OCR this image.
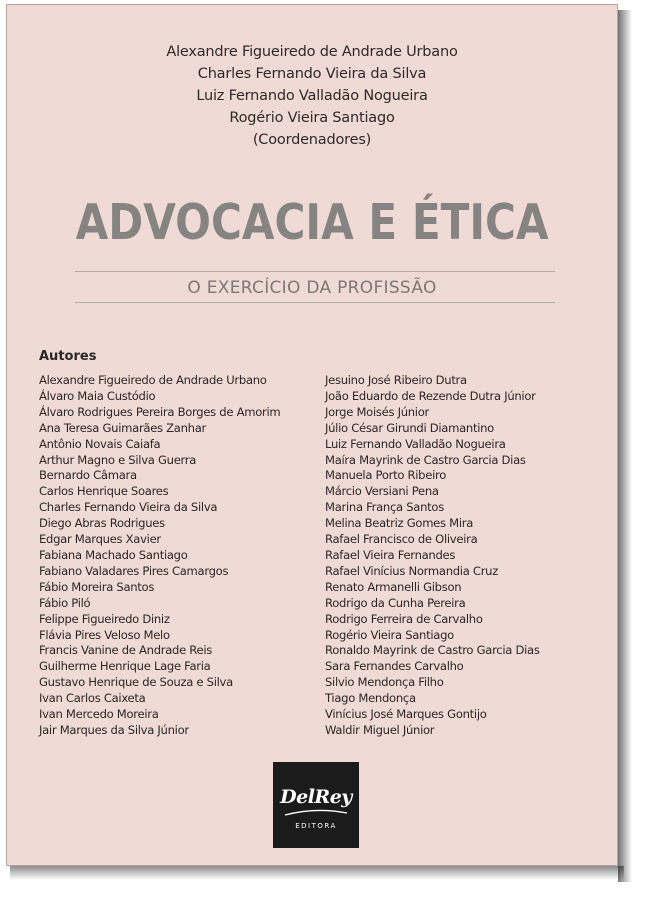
Alexandre Figueiredo de Andrade Urbano
Charles Fernando Vieira da Silva
Luiz Fernando Valladão Nogueira
Rogério Vieira Santiago
(Coordenadores)
ADVOCACIA E ÉTICA
O EXERCÍCIO DA PROFISSÃO
Autores
Alexandre Figueiredo de Andrade Urbano
Álvaro Maia Custódio
Álvaro Rodrigues Pereira Borges de Amorim
Ana Teresa Guimarães Zanhar
Antônio Novais Caiafa
Arthur Magno e Silva Guerra
Bernardo Câmara
Carlos Henrique Soares
Charles Fernando Vieira da Silva
Diego Abras Rodrigues
Edgar Marques Xavier
Fabiana Machado Santiago
Fabiano Valadares Pires Camargos
Fábio Moreira Santos
Fábio Piló
Felippe Figueiredo Diniz
Flávia Pires Veloso Melo
Francis Vanine de Andrade Reis
Guilherme Henrique Lage Faria
Gustavo Henrique de Souza e Silva
Ivan Carlos Caixeta
Ivan Mercedo Moreira
Jair Marques da Silva Júnior
Jesuino José Ribeiro Dutra
João Eduardo de Rezende Dutra Júnior
Jorge Moisés Júnior
Júlio César Girundi Diamantino
Luiz Fernando Valladão Nogueira
Maíra Mayrink de Castro Garcia Dias
Manuela Porto Ribeiro
Márcio Versiani Pena
Marina França Santos
Melina Beatriz Gomes Mira
Rafael Francisco de Oliveira
Rafael Vieira Fernandes
Rafael Vinícius Normandia Cruz
Renato Armanelli Gibson
Rodrigo da Cunha Pereira
Rodrigo Ferreira de Carvalho
Rogério Vieira Santiago
Ronaldo Mayrink de Castro Garcia Dias
Sara Fernandes Carvalho
Silvio Mendonça Filho
Tiago Mendonça
Vinícius José Marques Gontijo
Waldir Miguel Júnior
DelRey
EDITORA
